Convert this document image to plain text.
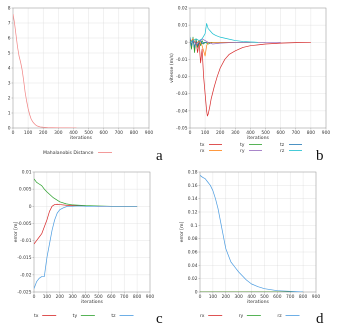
0 100 200 300 400 500 600 700 800 900
0
1
2
3
4
5
6
7
8
iterations
Mahalanobis Distance	a
0 100 200 300 400 500 600 700 800 900
-0.05
-0.04
-0.03
-0.02
-0.01
0
0.01
0.02
iterations
vitesse (m/s)
tx	ty	tz
rx	ry	rz b
0 100 200 300 400 500 600 700 800 900
-0.025
-0.02
-0.015
-0.01
-0.005
0
0.005
0.01
iterations
error [m]
tx	ty	tz	c
0 100 200 300 400 500 600 700 800 900
0
0.02
0.04
0.06
0.08
0.1
0.12
0.14
0.16
0.18
iterations
error [m]
rx	ry	rz d
